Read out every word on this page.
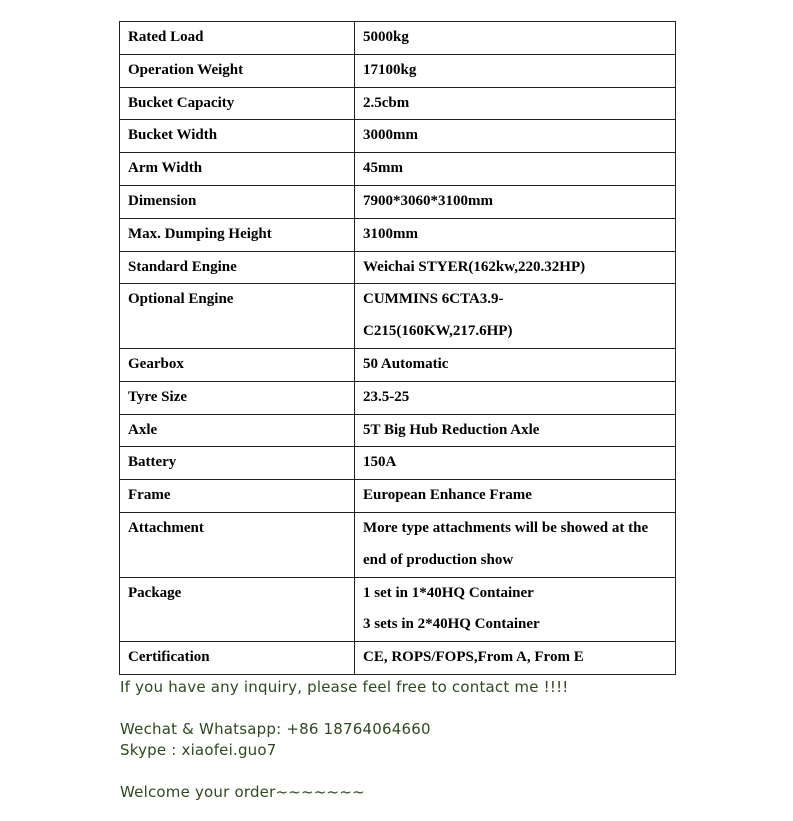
Rated Load	5000kg
Operation Weight	17100kg
Bucket Capacity	2.5cbm
Bucket Width	3000mm
Arm Width	45mm
Dimension	7900*3060*3100mm
Max. Dumping Height	3100mm
Standard Engine	Weichai STYER(162kw,220.32HP)
Optional Engine	CUMMINS 6CTA3.9-C215(160KW,217.6HP)
Gearbox	50 Automatic
Tyre Size	23.5-25
Axle	5T Big Hub Reduction Axle
Battery	150A
Frame	European Enhance Frame
Attachment	More type attachments will be showed at the end of production show
Package	1 set in 1*40HQ Container
3 sets in 2*40HQ Container

Certification	CE, ROPS/FOPS,From A, From E
If you have any inquiry, please feel free to contact me !!!!
Wechat & Whatsapp: +86 18764064660
Skype : xiaofei.guo7
Welcome your order~~~~~~~
